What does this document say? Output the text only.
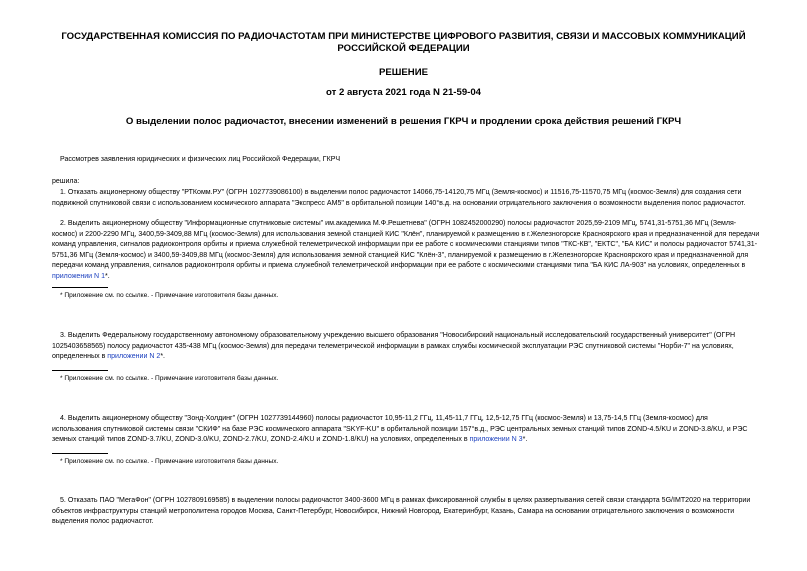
ГОСУДАРСТВЕННАЯ КОМИССИЯ ПО РАДИОЧАСТОТАМ ПРИ МИНИСТЕРСТВЕ ЦИФРОВОГО РАЗВИТИЯ, СВЯЗИ И МАССОВЫХ КОММУНИКАЦИЙ РОССИЙСКОЙ ФЕДЕРАЦИИ
РЕШЕНИЕ
от 2 августа 2021 года N 21-59-04
О выделении полос радиочастот, внесении изменений в решения ГКРЧ и продлении срока действия решений ГКРЧ
Рассмотрев заявления юридических и физических лиц Российской Федерации, ГКРЧ
решила:
1. Отказать акционерному обществу "РТКомм.РУ" (ОГРН 1027739086100) в выделении полос радиочастот 14066,75-14120,75 МГц (Земля-космос) и 11516,75-11570,75 МГц (космос-Земля) для создания сети
подвижной спутниковой связи с использованием космического аппарата "Экспресс АМ5" в орбитальной позиции 140°в.д. на основании отрицательного заключения о возможности выделения полос радиочастот.
2. Выделить акционерному обществу "Информационные спутниковые системы" им.академика М.Ф.Решетнева" (ОГРН 1082452000290) полосы радиочастот 2025,59-2109 МГц, 5741,31-5751,36 МГц (Земля-
космос) и 2200-2290 МГц, 3400,59-3409,88 МГц (космос-Земля) для использования земной станцией КИС "Клён", планируемой к размещению в г.Железногорске Красноярского края и предназначенной для передачи
команд управления, сигналов радиоконтроля орбиты и приема служебной телеметрической информации при ее работе с космическими станциями типов "ТКС-КВ", "ЕКТС", "БА КИС" и полосы радиочастот 5741,31-
5751,36 МГц (Земля-космос) и 3400,59-3409,88 МГц (космос-Земля) для использования земной станцией КИС "Клён-3", планируемой к размещению в г.Железногорске Красноярского края и предназначенной для
передачи команд управления, сигналов радиоконтроля орбиты и приема служебной телеметрической информации при ее работе с космическими станциями типа "БА КИС ЛА-903" на условиях, определенных в
приложении N 1*.
* Приложение см. по ссылке. - Примечание изготовителя базы данных.
3. Выделить Федеральному государственному автономному образовательному учреждению высшего образования "Новосибирский национальный исследовательский государственный университет" (ОГРН
1025403658565) полосу радиочастот 435-438 МГц (космос-Земля) для передачи телеметрической информации в рамках службы космической эксплуатации РЭС спутниковой системы "Норби-7" на условиях,
определенных в приложении N 2*.
* Приложение см. по ссылке. - Примечание изготовителя базы данных.
4. Выделить акционерному обществу "Зонд-Холдинг" (ОГРН 1027739144960) полосы радиочастот 10,95-11,2 ГГц, 11,45-11,7 ГГц, 12,5-12,75 ГГц (космос-Земля) и 13,75-14,5 ГГц (Земля-космос) для
использования спутниковой системы связи "СКИФ" на базе РЭС космического аппарата "SKYF-KU" в орбитальной позиции 157°в.д., РЭС центральных земных станций типов ZOND-4.5/KU и ZOND-3.8/KU, и РЭС
земных станций типов ZOND-3.7/KU, ZOND-3.0/KU, ZOND-2.7/KU, ZOND-2.4/KU и ZOND-1.8/KU) на условиях, определенных в приложении N 3*.
* Приложение см. по ссылке. - Примечание изготовителя базы данных.
5. Отказать ПАО "МегаФон" (ОГРН 1027809169585) в выделении полосы радиочастот 3400-3600 МГц в рамках фиксированной службы в целях развертывания сетей связи стандарта 5G/IMT2020 на территории
объектов инфраструктуры станций метрополитена городов Москва, Санкт-Петербург, Новосибирск, Нижний Новгород, Екатеринбург, Казань, Самара на основании отрицательного заключения о возможности
выделения полос радиочастот.
